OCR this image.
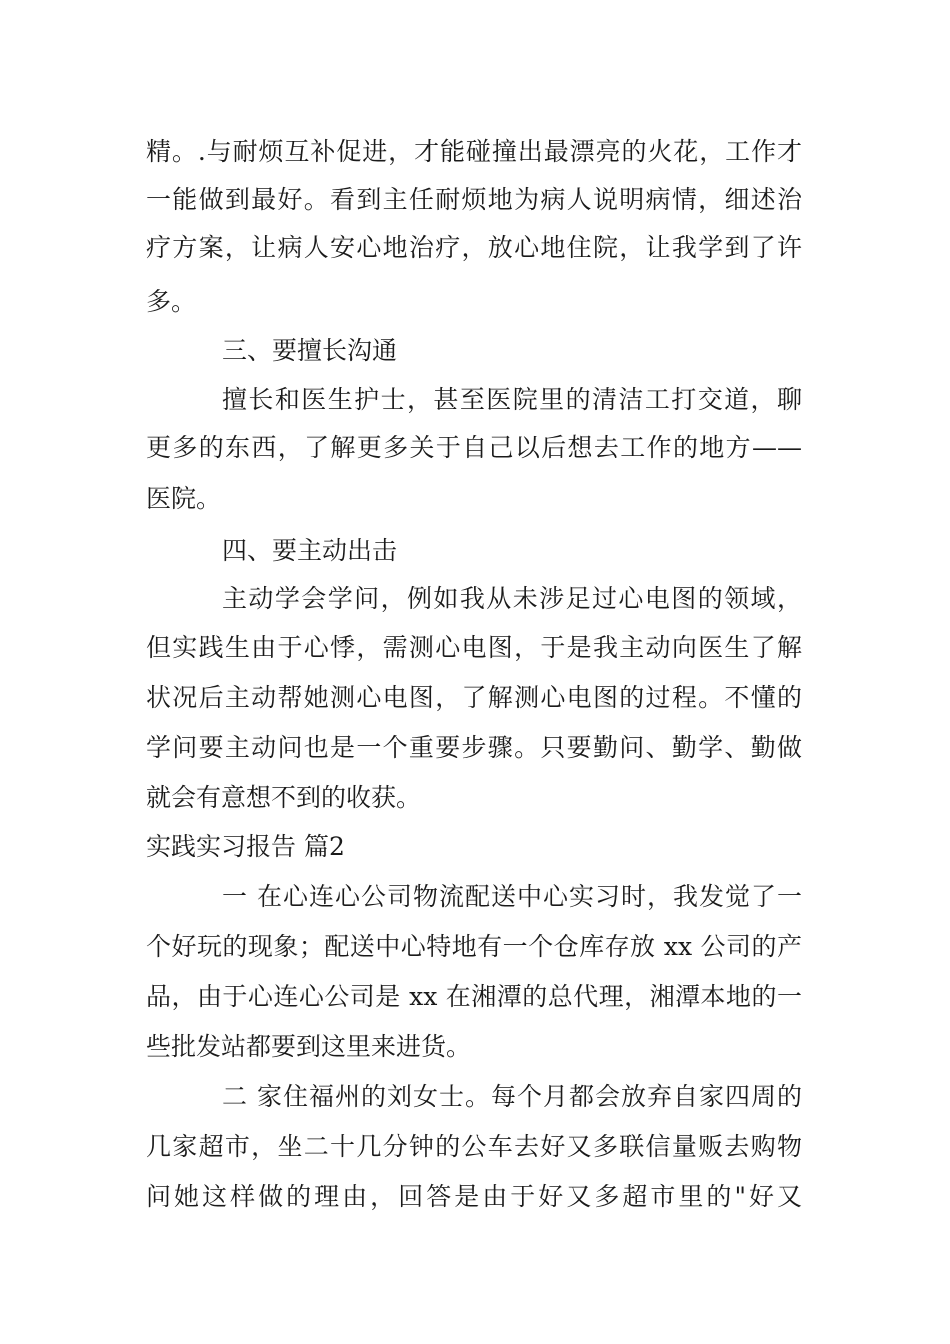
精。.与耐烦互补促进，才能碰撞出最漂亮的火花，工作才
一能做到最好。看到主任耐烦地为病人说明病情，细述治
疗方案，让病人安心地治疗，放心地住院，让我学到了许
多。
三、要擅长沟通
擅长和医生护士，甚至医院里的清洁工打交道，聊
更多的东西，了解更多关于自己以后想去工作的地方——
医院。
四、要主动出击
主动学会学问，例如我从未涉足过心电图的领域，
但实践生由于心悸，需测心电图，于是我主动向医生了解
状况后主动帮她测心电图，了解测心电图的过程。不懂的
学问要主动问也是一个重要步骤。只要勤问、勤学、勤做
就会有意想不到的收获。
实践实习报告 篇2
一 在心连心公司物流配送中心实习时，我发觉了一
个好玩的现象；配送中心特地有一个仓库存放 xx 公司的产
品，由于心连心公司是 xx 在湘潭的总代理，湘潭本地的一
些批发站都要到这里来进货。
二 家住福州的刘女士。每个月都会放弃自家四周的
几家超市，坐二十几分钟的公车去好又多联信量贩去购物
问她这样做的理由，回答是由于好又多超市里的"好又
